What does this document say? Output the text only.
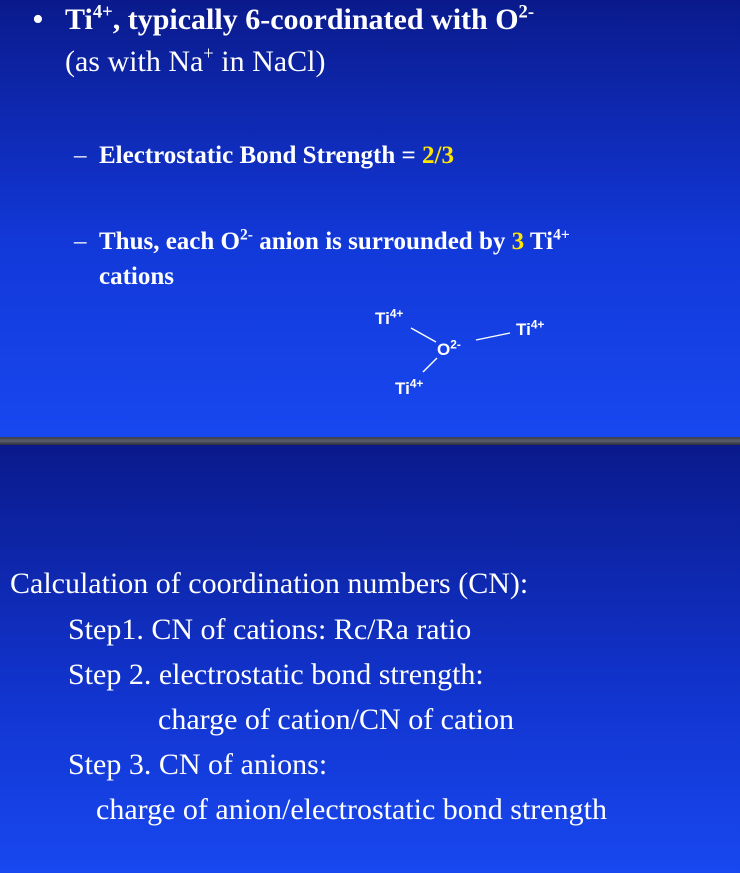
• $Ti^{4+}$, typically 6-coordinated with $O^{2-}$
(as with Na+ in NaCl)
– Electrostatic Bond Strength = 2/3
– Thus, each $O^{2-}$ anion is surrounded by 3 $Ti^{4+}$
cations
$Ti^{4+}$
$Ti^{4+}$
$O^{2-}$
$Ti^{4+}$
Calculation of coordination numbers (CN):
Step1. CN of cations: Rc/Ra ratio
Step 2. electrostatic bond strength:
charge of cation/CN of cation
Step 3. CN of anions:
charge of anion/electrostatic bond strength
